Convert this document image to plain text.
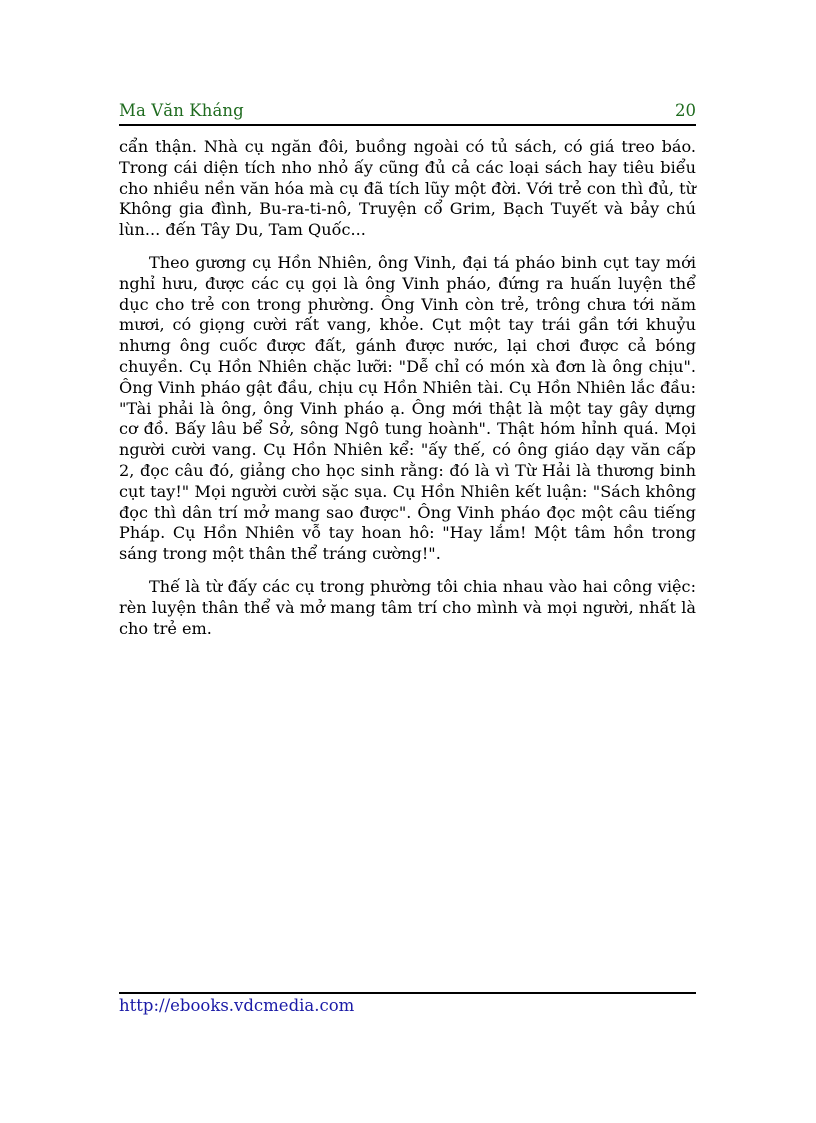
Ma Văn Kháng	20

cẩn thận. Nhà cụ ngăn đôi, buồng ngoài có tủ sách, có giá treo báo. Trong cái diện tích nho nhỏ ấy cũng đủ cả các loại sách hay tiêu biểu cho nhiều nền văn hóa mà cụ đã tích lũy một đời. Với trẻ con thì đủ, từ Không gia đình, Bu-ra-ti-nô, Truyện cổ Grim, Bạch Tuyết và bảy chú lùn... đến Tây Du, Tam Quốc...

Theo gương cụ Hồn Nhiên, ông Vinh, đại tá pháo binh cụt tay mới nghỉ hưu, được các cụ gọi là ông Vinh pháo, đứng ra huấn luyện thể dục cho trẻ con trong phường. Ông Vinh còn trẻ, trông chưa tới năm mươi, có giọng cười rất vang, khỏe. Cụt một tay trái gần tới khuỷu nhưng ông cuốc được đất, gánh được nước, lại chơi được cả bóng chuyền. Cụ Hồn Nhiên chặc lưỡi: "Dễ chỉ có món xà đơn là ông chịu". Ông Vinh pháo gật đầu, chịu cụ Hồn Nhiên tài. Cụ Hồn Nhiên lắc đầu: "Tài phải là ông, ông Vinh pháo ạ. Ông mới thật là một tay gây dựng cơ đồ. Bấy lâu bể Sở, sông Ngô tung hoành". Thật hóm hỉnh quá. Mọi người cười vang. Cụ Hồn Nhiên kể: "ấy thế, có ông giáo dạy văn cấp 2, đọc câu đó, giảng cho học sinh rằng: đó là vì Từ Hải là thương binh cụt tay!" Mọi người cười sặc sụa. Cụ Hồn Nhiên kết luận: "Sách không đọc thì dân trí mở mang sao được". Ông Vinh pháo đọc một câu tiếng Pháp. Cụ Hồn Nhiên vỗ tay hoan hô: "Hay lắm! Một tâm hồn trong sáng trong một thân thể tráng cường!".

Thế là từ đấy các cụ trong phường tôi chia nhau vào hai công việc: rèn luyện thân thể và mở mang tâm trí cho mình và mọi người, nhất là cho trẻ em.

http://ebooks.vdcmedia.com
